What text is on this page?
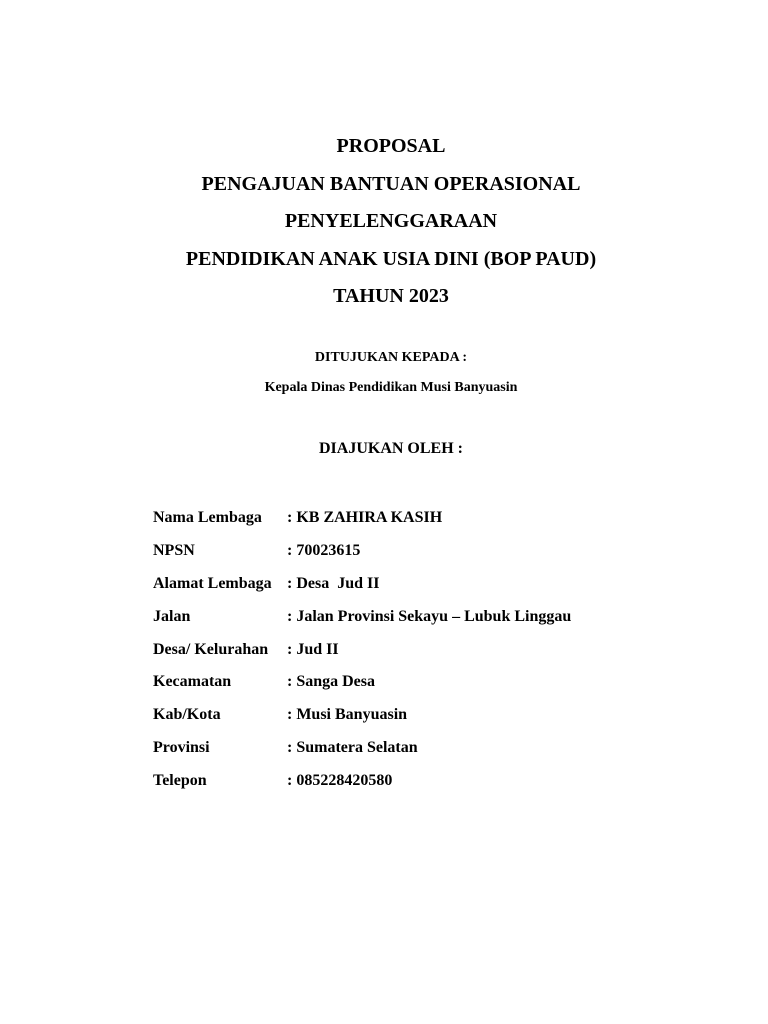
PROPOSAL
PENGAJUAN BANTUAN OPERASIONAL
PENYELENGGARAAN
PENDIDIKAN ANAK USIA DINI (BOP PAUD)
TAHUN 2023
DITUJUKAN KEPADA :
Kepala Dinas Pendidikan Musi Banyuasin
DIAJUKAN OLEH :
Nama Lembaga	: KB ZAHIRA KASIH
NPSN	: 70023615
Alamat Lembaga : Desa  Jud II
Jalan	: Jalan Provinsi Sekayu – Lubuk Linggau
Desa/ Kelurahan	: Jud II
Kecamatan	: Sanga Desa
Kab/Kota	: Musi Banyuasin
Provinsi	: Sumatera Selatan
Telepon	: 085228420580
